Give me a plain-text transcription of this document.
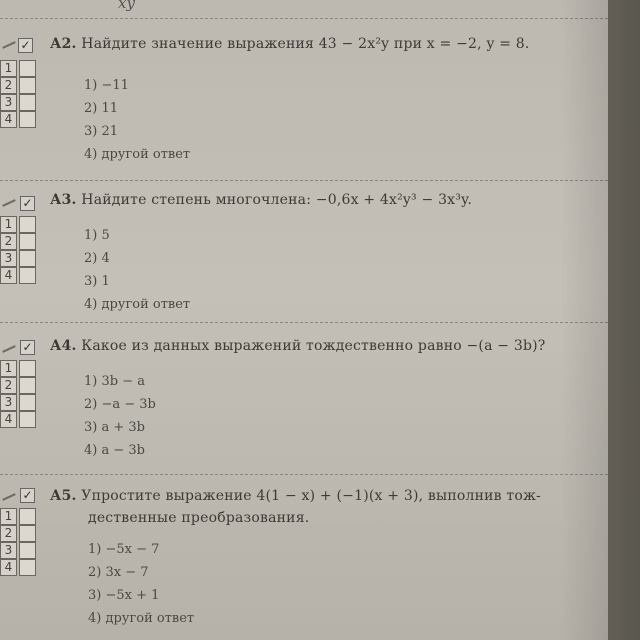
xy
✓
1
2
3
4
А2. Найдите значение выражения 43 − 2x²y при x = −2, y = 8.
1) −11
2) 11
3) 21
4) другой ответ
✓
1
2
3
4
А3. Найдите степень многочлена: −0,6x + 4x²y³ − 3x³y.
1) 5
2) 4
3) 1
4) другой ответ
✓
1
2
3
4
А4. Какое из данных выражений тождественно равно −(a − 3b)?
1) 3b − a
2) −a − 3b
3) a + 3b
4) a − 3b
✓
1
2
3
4
А5. Упростите выражение 4(1 − x) + (−1)(x + 3), выполнив тож-
дественные преобразования.
1) −5x − 7
2) 3x − 7
3) −5x + 1
4) другой ответ
